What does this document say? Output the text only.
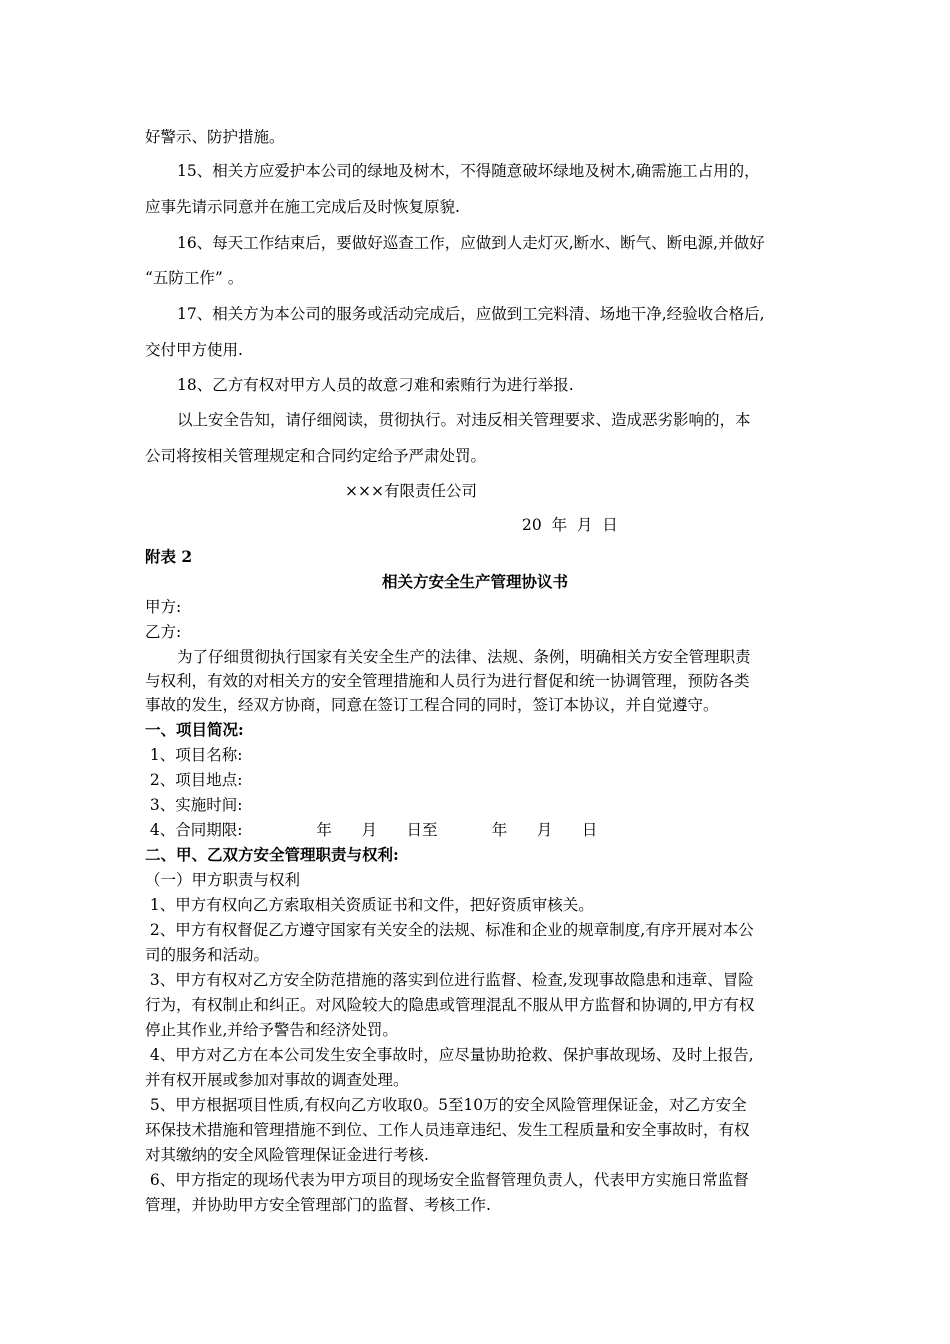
好警示、防护措施。
15、相关方应爱护本公司的绿地及树木，不得随意破坏绿地及树木,确需施工占用的，
应事先请示同意并在施工完成后及时恢复原貌.
16、每天工作结束后，要做好巡查工作，应做到人走灯灭,断水、断气、断电源,并做好
“五防工作” 。
17、相关方为本公司的服务或活动完成后，应做到工完料清、场地干净,经验收合格后,
交付甲方使用.
18、乙方有权对甲方人员的故意刁难和索贿行为进行举报.
以上安全告知，请仔细阅读，贯彻执行。对违反相关管理要求、造成恶劣影响的，本
公司将按相关管理规定和合同约定给予严肃处罚。
×××有限责任公司
20  年  月  日
附表 2
相关方安全生产管理协议书
甲方:
乙方:
为了仔细贯彻执行国家有关安全生产的法律、法规、条例，明确相关方安全管理职责
与权利，有效的对相关方的安全管理措施和人员行为进行督促和统一协调管理，预防各类
事故的发生，经双方协商，同意在签订工程合同的同时，签订本协议，并自觉遵守。
一、项目简况:
1、项目名称:
2、项目地点:
3、实施时间:
4、合同期限:               年      月      日至           年      月      日
二、甲、乙双方安全管理职责与权利:
（一）甲方职责与权利
1、甲方有权向乙方索取相关资质证书和文件，把好资质审核关。
2、甲方有权督促乙方遵守国家有关安全的法规、标准和企业的规章制度,有序开展对本公
司的服务和活动。
3、甲方有权对乙方安全防范措施的落实到位进行监督、检查,发现事故隐患和违章、冒险
行为，有权制止和纠正。对风险较大的隐患或管理混乱不服从甲方监督和协调的,甲方有权
停止其作业,并给予警告和经济处罚。
4、甲方对乙方在本公司发生安全事故时，应尽量协助抢救、保护事故现场、及时上报告,
并有权开展或参加对事故的调查处理。
5、甲方根据项目性质,有权向乙方收取0。5至10万的安全风险管理保证金，对乙方安全
环保技术措施和管理措施不到位、工作人员违章违纪、发生工程质量和安全事故时，有权
对其缴纳的安全风险管理保证金进行考核.
6、甲方指定的现场代表为甲方项目的现场安全监督管理负责人，代表甲方实施日常监督
管理，并协助甲方安全管理部门的监督、考核工作.
